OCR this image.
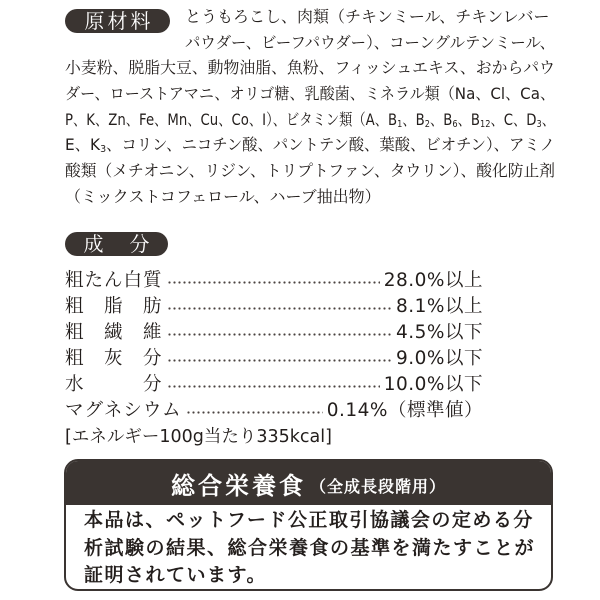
原材料	とうもろこし、肉類（チキンミール、チキンレバー
パウダー、ビーフパウダー）、コーングルテンミール、
小麦粉、脱脂大豆、動物油脂、魚粉、フィッシュエキス、おからパウ
ダー、ローストアマニ、オリゴ糖、乳酸菌、ミネラル類（Na、Cl、Ca、
P、K、Zn、Fe、Mn、Cu、Co、I）、ビタミン類（A、$B_1$、$B_2$、$B_6$、$B_{12}$、C、$D_3$、
E、$K_3$、コリン、ニコチン酸、パントテン酸、葉酸、ビオチン）、アミノ
酸類（メチオニン、リジン、トリプトファン、タウリン）、酸化防止剤
（ミックストコフェロール、ハーブ抽出物）
成　分
粗たん白質	28.0%以上
粗　脂　肪	8.1%以上
粗　繊　維	4.5%以下
粗　灰　分	9.0%以下
水　　　分	10.0%以下
マグネシウム	0.14%（標準値）
[エネルギー100g当たり335kcal]
総合栄養食 （全成長段階用）
本品は、ペットフード公正取引協議会の定める分
析試験の結果、総合栄養食の基準を満たすことが
証明されています。
